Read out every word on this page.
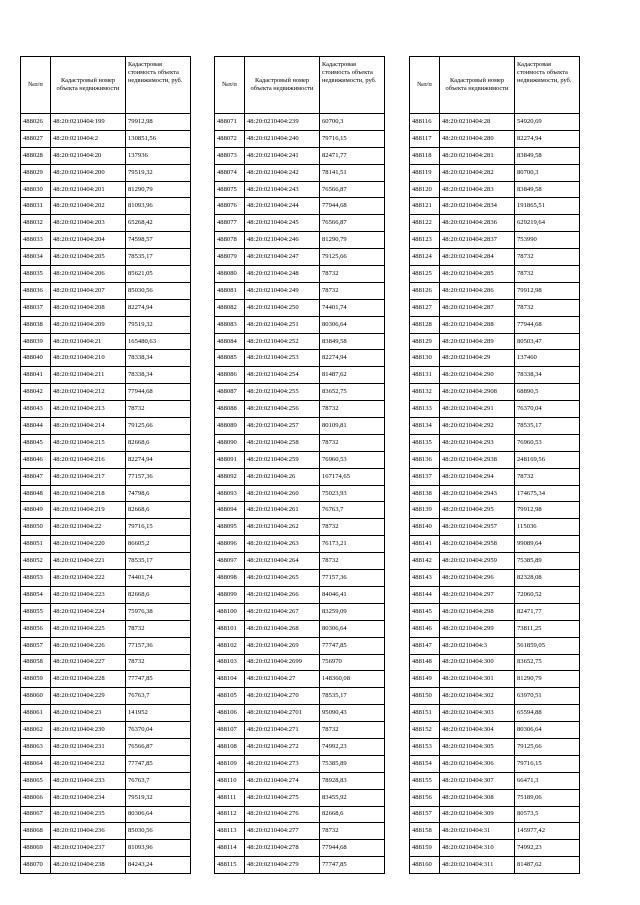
№п/п	Кадастровый номер объекта недвижимости	Кадастровая стоимость объекта недвижимости, руб.
488026	48:20:0210404:199	79912,98
488027	48:20:0210404:2	130851,56
488028	48:20:0210404:20	137936
488029	48:20:0210404:200	79519,32
488030	48:20:0210404:201	81290,79
488031	48:20:0210404:202	81093,96
488032	48:20:0210404:203	65268,42
488033	48:20:0210404:204	74598,57
488034	48:20:0210404:205	78535,17
488035	48:20:0210404:206	85621,05
488036	48:20:0210404:207	85030,56
488037	48:20:0210404:208	82274,94
488038	48:20:0210404:209	79519,32
488039	48:20:0210404:21	165480,63
488040	48:20:0210404:210	78338,34
488041	48:20:0210404:211	78338,34
488042	48:20:0210404:212	77944,68
488043	48:20:0210404:213	78732
488044	48:20:0210404:214	79125,66
488045	48:20:0210404:215	82668,6
488046	48:20:0210404:216	82274,94
488047	48:20:0210404:217	77157,36
488048	48:20:0210404:218	74798,6
488049	48:20:0210404:219	82668,6
488050	48:20:0210404:22	79716,15
488051	48:20:0210404:220	86605,2
488052	48:20:0210404:221	78535,17
488053	48:20:0210404:222	74401,74
488054	48:20:0210404:223	82668,6
488055	48:20:0210404:224	75976,38
488056	48:20:0210404:225	78732
488057	48:20:0210404:226	77157,36
488058	48:20:0210404:227	78732
488059	48:20:0210404:228	77747,85
488060	48:20:0210404:229	76763,7
488061	48:20:0210404:23	141952
488062	48:20:0210404:230	76370,04
488063	48:20:0210404:231	76566,87
488064	48:20:0210404:232	77747,85
488065	48:20:0210404:233	76763,7
488066	48:20:0210404:234	79519,32
488067	48:20:0210404:235	80306,64
488068	48:20:0210404:236	85030,56
488069	48:20:0210404:237	81093,96
488070	48:20:0210404:238	84243,24
№п/п	Кадастровый номер объекта недвижимости	Кадастровая стоимость объекта недвижимости, руб.
488071	48:20:0210404:239	60700,3
488072	48:20:0210404:240	79716,15
488073	48:20:0210404:241	82471,77
488074	48:20:0210404:242	78141,51
488075	48:20:0210404:243	76566,87
488076	48:20:0210404:244	77944,68
488077	48:20:0210404:245	76566,87
488078	48:20:0210404:246	81290,79
488079	48:20:0210404:247	79125,66
488080	48:20:0210404:248	78732
488081	48:20:0210404:249	78732
488082	48:20:0210404:250	74401,74
488083	48:20:0210404:251	80306,64
488084	48:20:0210404:252	83849,58
488085	48:20:0210404:253	82274,94
488086	48:20:0210404:254	81487,62
488087	48:20:0210404:255	83652,75
488088	48:20:0210404:256	78732
488089	48:20:0210404:257	80109,81
488090	48:20:0210404:258	78732
488091	48:20:0210404:259	76960,53
488092	48:20:0210404:26	167174,65
488093	48:20:0210404:260	75023,93
488094	48:20:0210404:261	76763,7
488095	48:20:0210404:262	78732
488096	48:20:0210404:263	76173,21
488097	48:20:0210404:264	78732
488098	48:20:0210404:265	77157,36
488099	48:20:0210404:266	84046,41
488100	48:20:0210404:267	83259,09
488101	48:20:0210404:268	80306,64
488102	48:20:0210404:269	77747,85
488103	48:20:0210404:2699	756970
488104	48:20:0210404:27	148360,08
488105	48:20:0210404:270	78535,17
488106	48:20:0210404:2701	95090,43
488107	48:20:0210404:271	78732
488108	48:20:0210404:272	74992,23
488109	48:20:0210404:273	75385,89
488110	48:20:0210404:274	78928,83
488111	48:20:0210404:275	83455,92
488112	48:20:0210404:276	82668,6
488113	48:20:0210404:277	78732
488114	48:20:0210404:278	77944,68
488115	48:20:0210404:279	77747,85
№п/п	Кадастровый номер объекта недвижимости	Кадастровая стоимость объекта недвижимости, руб.
488116	48:20:0210404:28	54920,69
488117	48:20:0210404:280	82274,94
488118	48:20:0210404:281	83849,58
488119	48:20:0210404:282	80700,3
488120	48:20:0210404:283	83849,58
488121	48:20:0210404:2834	191865,51
488122	48:20:0210404:2836	629219,64
488123	48:20:0210404:2837	753990
488124	48:20:0210404:284	78732
488125	48:20:0210404:285	78732
488126	48:20:0210404:286	79912,98
488127	48:20:0210404:287	78732
488128	48:20:0210404:288	77944,68
488129	48:20:0210404:289	80503,47
488130	48:20:0210404:29	137460
488131	48:20:0210404:290	78338,34
488132	48:20:0210404:2908	68890,5
488133	48:20:0210404:291	76370,04
488134	48:20:0210404:292	78535,17
488135	48:20:0210404:293	76960,53
488136	48:20:0210404:2938	248169,56
488137	48:20:0210404:294	78732
488138	48:20:0210404:2943	174675,34
488139	48:20:0210404:295	79912,98
488140	48:20:0210404:2957	115036
488141	48:20:0210404:2958	99089,64
488142	48:20:0210404:2959	75385,89
488143	48:20:0210404:296	82328,08
488144	48:20:0210404:297	72060,52
488145	48:20:0210404:298	82471,77
488146	48:20:0210404:299	73811,25
488147	48:20:0210404:3	561859,05
488148	48:20:0210404:300	83652,75
488149	48:20:0210404:301	81290,79
488150	48:20:0210404:302	63970,51
488151	48:20:0210404:303	65594,88
488152	48:20:0210404:304	80306,64
488153	48:20:0210404:305	79125,66
488154	48:20:0210404:306	79716,15
488155	48:20:0210404:307	66471,3
488156	48:20:0210404:308	75189,06
488157	48:20:0210404:309	80573,5
488158	48:20:0210404:31	145977,42
488159	48:20:0210404:310	74992,23
488160	48:20:0210404:311	81487,62
